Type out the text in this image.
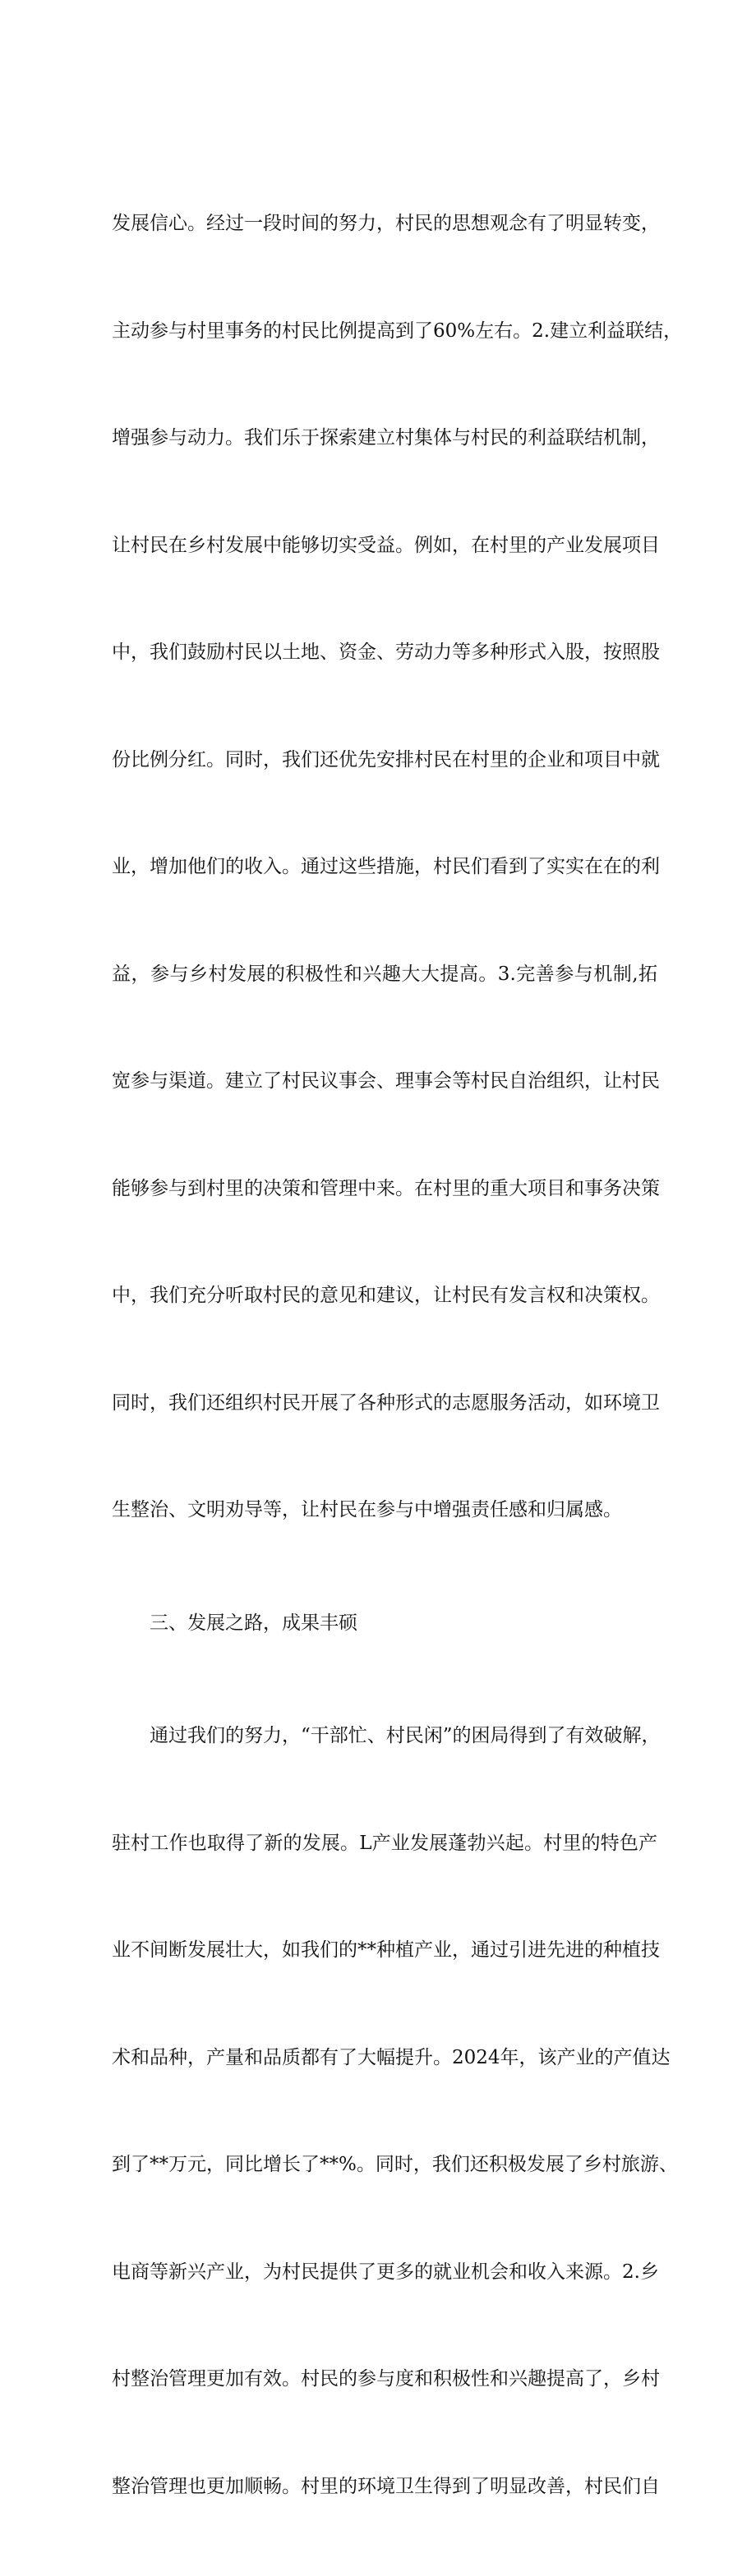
发展信心。经过一段时间的努力，村民的思想观念有了明显转变，

主动参与村里事务的村民比例提高到了60%左右。2.建立利益联结，

增强参与动力。我们乐于探索建立村集体与村民的利益联结机制，

让村民在乡村发展中能够切实受益。例如，在村里的产业发展项目

中，我们鼓励村民以土地、资金、劳动力等多种形式入股，按照股

份比例分红。同时，我们还优先安排村民在村里的企业和项目中就

业，增加他们的收入。通过这些措施，村民们看到了实实在在的利

益，参与乡村发展的积极性和兴趣大大提高。3.完善参与机制,拓

宽参与渠道。建立了村民议事会、理事会等村民自治组织，让村民

能够参与到村里的决策和管理中来。在村里的重大项目和事务决策

中，我们充分听取村民的意见和建议，让村民有发言权和决策权。

同时，我们还组织村民开展了各种形式的志愿服务活动，如环境卫

生整治、文明劝导等，让村民在参与中增强责任感和归属感。

三、发展之路，成果丰硕

通过我们的努力，“干部忙、村民闲”的困局得到了有效破解，

驻村工作也取得了新的发展。L产业发展蓬勃兴起。村里的特色产

业不间断发展壮大，如我们的**种植产业，通过引进先进的种植技

术和品种，产量和品质都有了大幅提升。2024年，该产业的产值达

到了**万元，同比增长了**%。同时，我们还积极发展了乡村旅游、

电商等新兴产业，为村民提供了更多的就业机会和收入来源。2.乡

村整治管理更加有效。村民的参与度和积极性和兴趣提高了，乡村

整治管理也更加顺畅。村里的环境卫生得到了明显改善，村民们自
